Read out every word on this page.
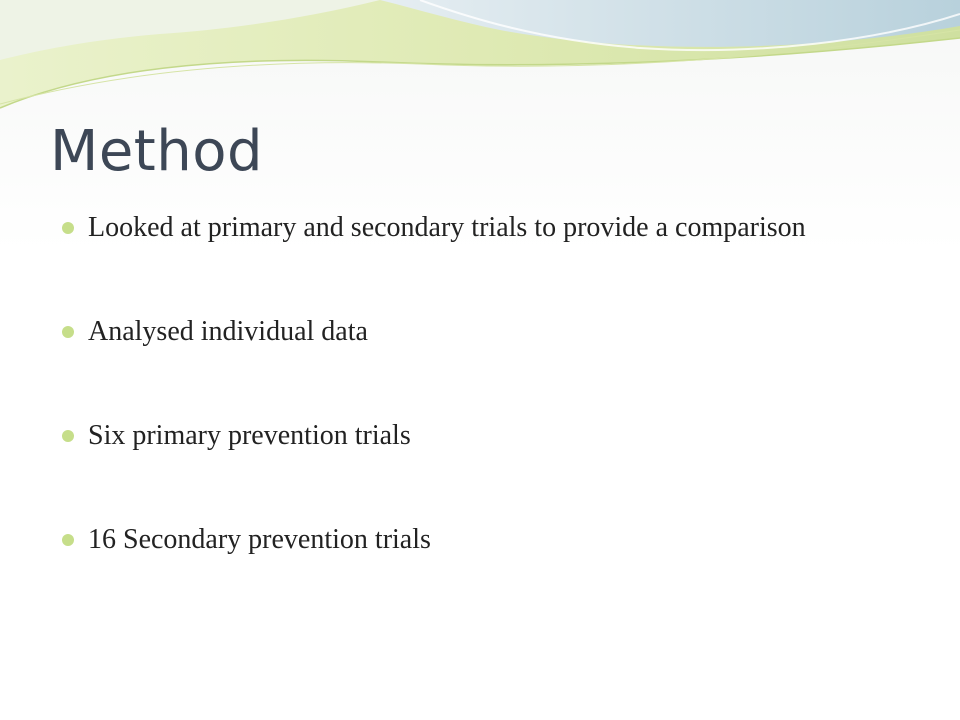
Method
Looked at primary and secondary trials to provide a comparison
Analysed individual data
Six primary prevention trials
16 Secondary prevention trials
